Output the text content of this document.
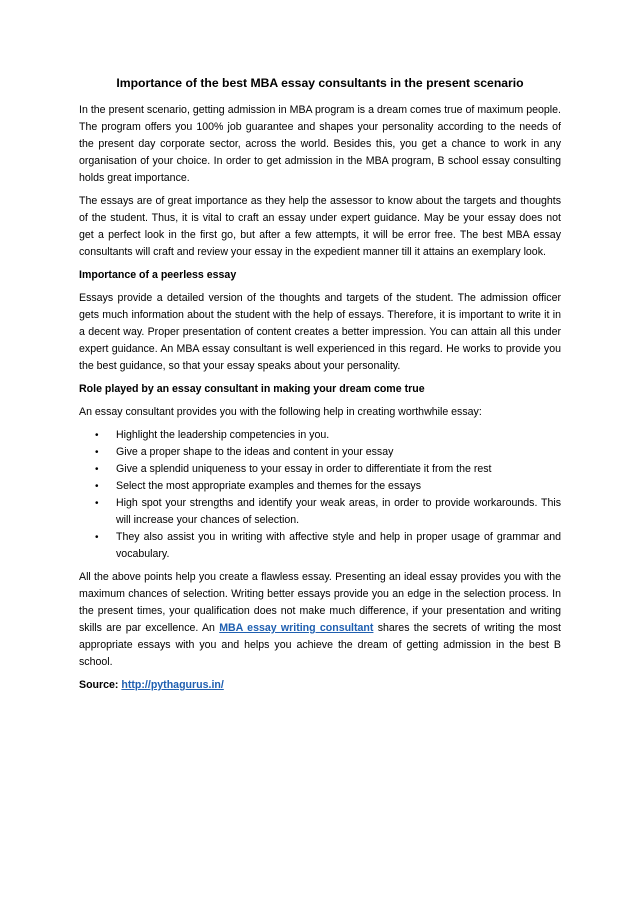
Importance of the best MBA essay consultants in the present scenario

In the present scenario, getting admission in MBA program is a dream comes true of maximum people. The program offers you 100% job guarantee and shapes your personality according to the needs of the present day corporate sector, across the world. Besides this, you get a chance to work in any organisation of your choice. In order to get admission in the MBA program, B school essay consulting holds great importance.

The essays are of great importance as they help the assessor to know about the targets and thoughts of the student. Thus, it is vital to craft an essay under expert guidance. May be your essay does not get a perfect look in the first go, but after a few attempts, it will be error free. The best MBA essay consultants will craft and review your essay in the expedient manner till it attains an exemplary look.

Importance of a peerless essay

Essays provide a detailed version of the thoughts and targets of the student. The admission officer gets much information about the student with the help of essays. Therefore, it is important to write it in a decent way. Proper presentation of content creates a better impression. You can attain all this under expert guidance. An MBA essay consultant is well experienced in this regard. He works to provide you the best guidance, so that your essay speaks about your personality.

Role played by an essay consultant in making your dream come true

An essay consultant provides you with the following help in creating worthwhile essay:

• Highlight the leadership competencies in you.
• Give a proper shape to the ideas and content in your essay
• Give a splendid uniqueness to your essay in order to differentiate it from the rest
• Select the most appropriate examples and themes for the essays
• High spot your strengths and identify your weak areas, in order to provide workarounds. This will increase your chances of selection.
• They also assist you in writing with affective style and help in proper usage of grammar and vocabulary.

All the above points help you create a flawless essay. Presenting an ideal essay provides you with the maximum chances of selection. Writing better essays provide you an edge in the selection process. In the present times, your qualification does not make much difference, if your presentation and writing skills are par excellence. An MBA essay writing consultant shares the secrets of writing the most appropriate essays with you and helps you achieve the dream of getting admission in the best B school.

Source: http://pythagurus.in/
